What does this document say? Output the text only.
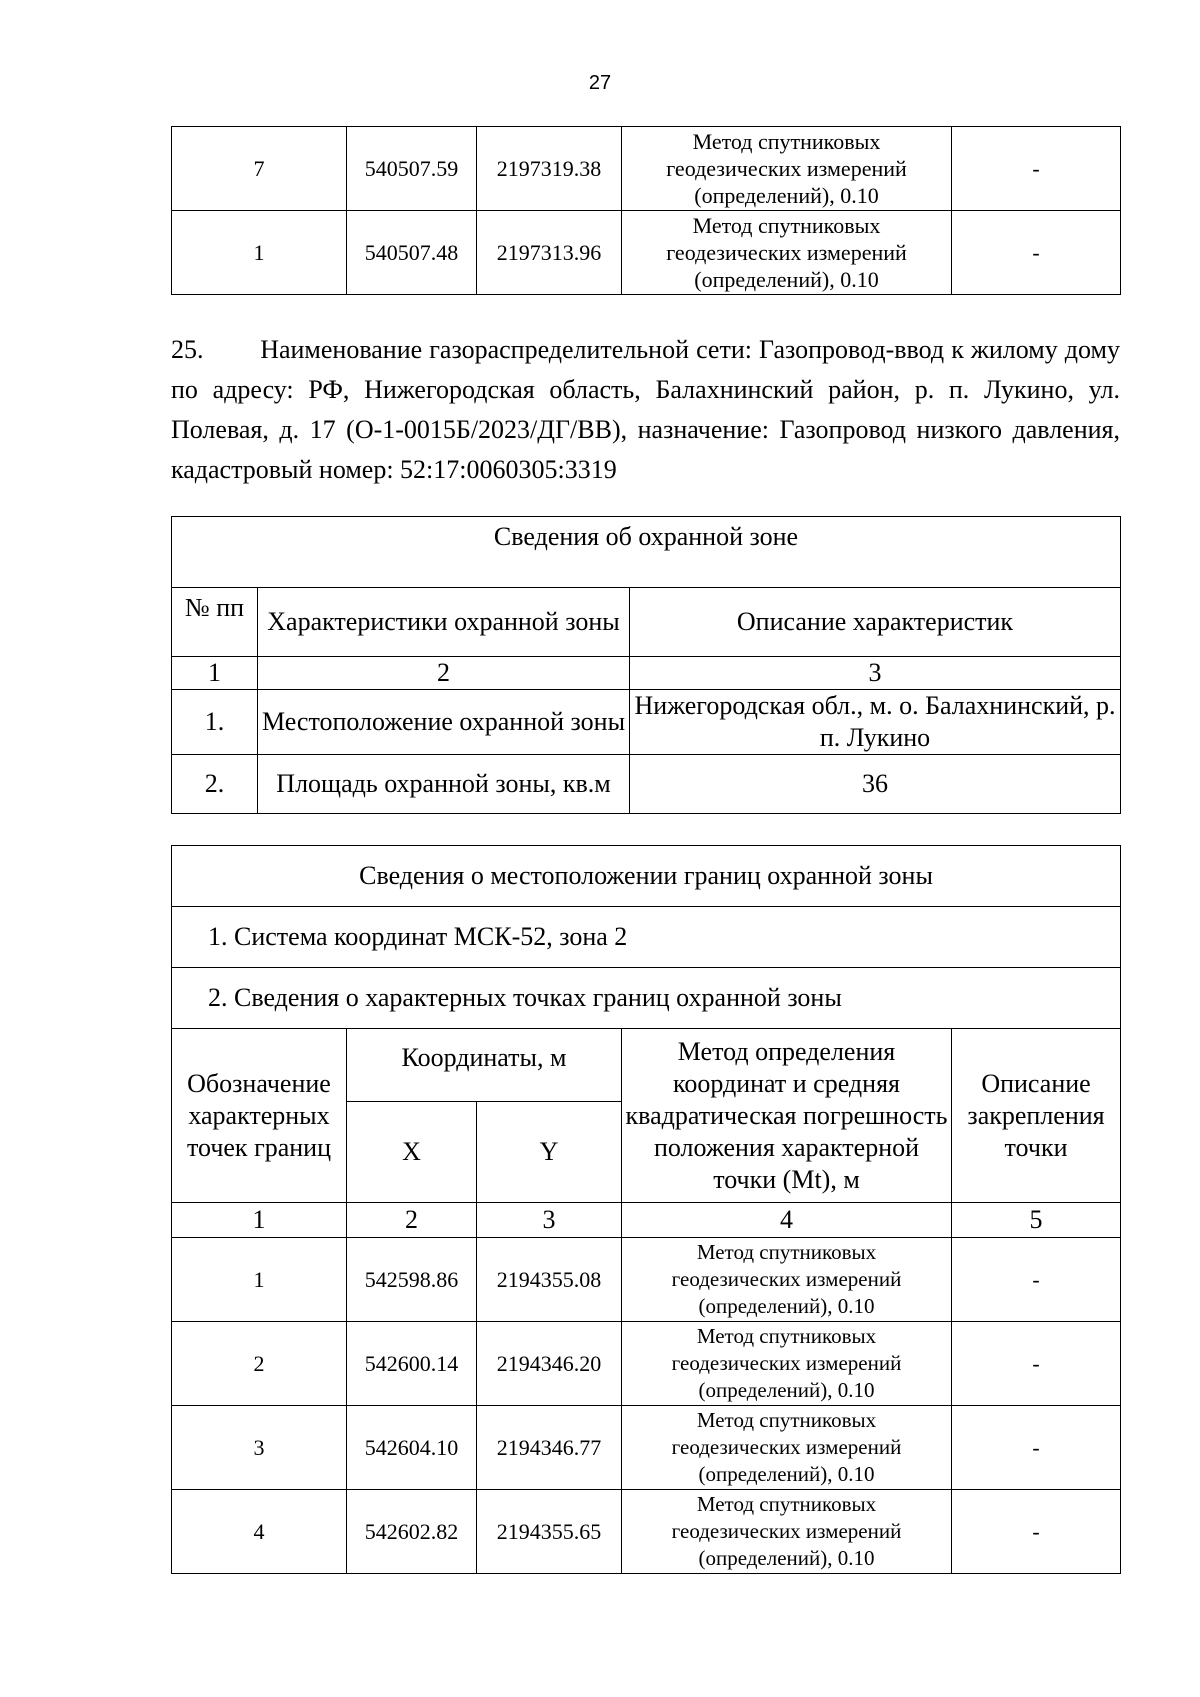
27
7	540507.59	2197319.38	Метод спутниковых
геодезических измерений
(определений), 0.10	-
1	540507.48	2197313.96	Метод спутниковых
геодезических измерений
(определений), 0.10	-
25.        Наименование газораспределительной сети: Газопровод-ввод к жилому дому по адресу: РФ, Нижегородская область, Балахнинский район, р. п. Лукино, ул. Полевая, д. 17 (О-1-0015Б/2023/ДГ/ВВ), назначение: Газопровод низкого давления, кадастровый номер: 52:17:0060305:3319
Сведения об охранной зоне		
№ пп	Характеристики охранной зоны	Описание характеристик
1	2	3
1.	Местоположение охранной зоны	Нижегородская обл., м. о. Балахнинский, р. п. Лукино
2.	Площадь охранной зоны, кв.м	36
Сведения о местоположении границ охранной зоны				
1. Система координат МСК-52, зона 2				
2. Сведения о характерных точках границ охранной зоны				
Обозначение характерных точек границ	Координаты, м		Метод определения координат и средняя квадратическая погрешность положения характерной точки (Mt), м	Описание закрепления точки
	X	Y		
1	2	3	4	5
1	542598.86	2194355.08	Метод спутниковых
геодезических измерений
(определений), 0.10	-
2	542600.14	2194346.20	Метод спутниковых
геодезических измерений
(определений), 0.10	-
3	542604.10	2194346.77	Метод спутниковых
геодезических измерений
(определений), 0.10	-
4	542602.82	2194355.65	Метод спутниковых
геодезических измерений
(определений), 0.10	-
